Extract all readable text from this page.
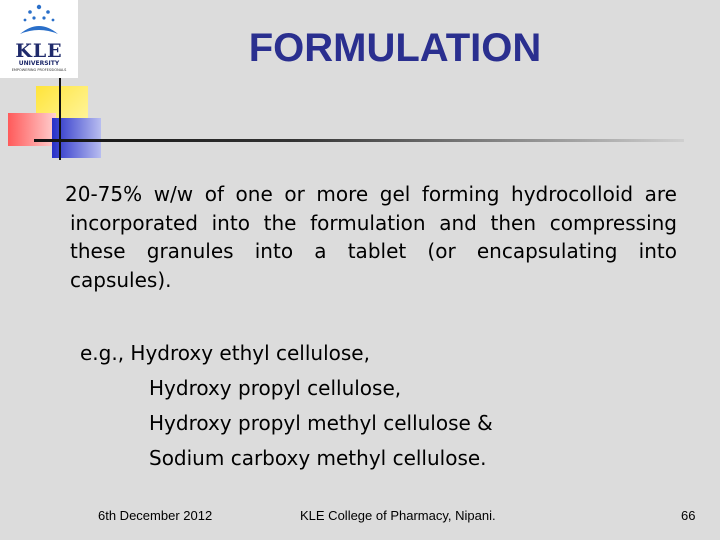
KLE
UNIVERSITY
EMPOWERING PROFESSIONALS	FORMULATION

20-75% w/w of one or more gel forming hydrocolloid are incorporated into the formulation and then compressing these granules into a tablet (or encapsulating into capsules).

e.g., Hydroxy ethyl cellulose,
Hydroxy propyl cellulose,
Hydroxy propyl methyl cellulose &
Sodium carboxy methyl cellulose.
6th December 2012	KLE College of Pharmacy, Nipani.	66
